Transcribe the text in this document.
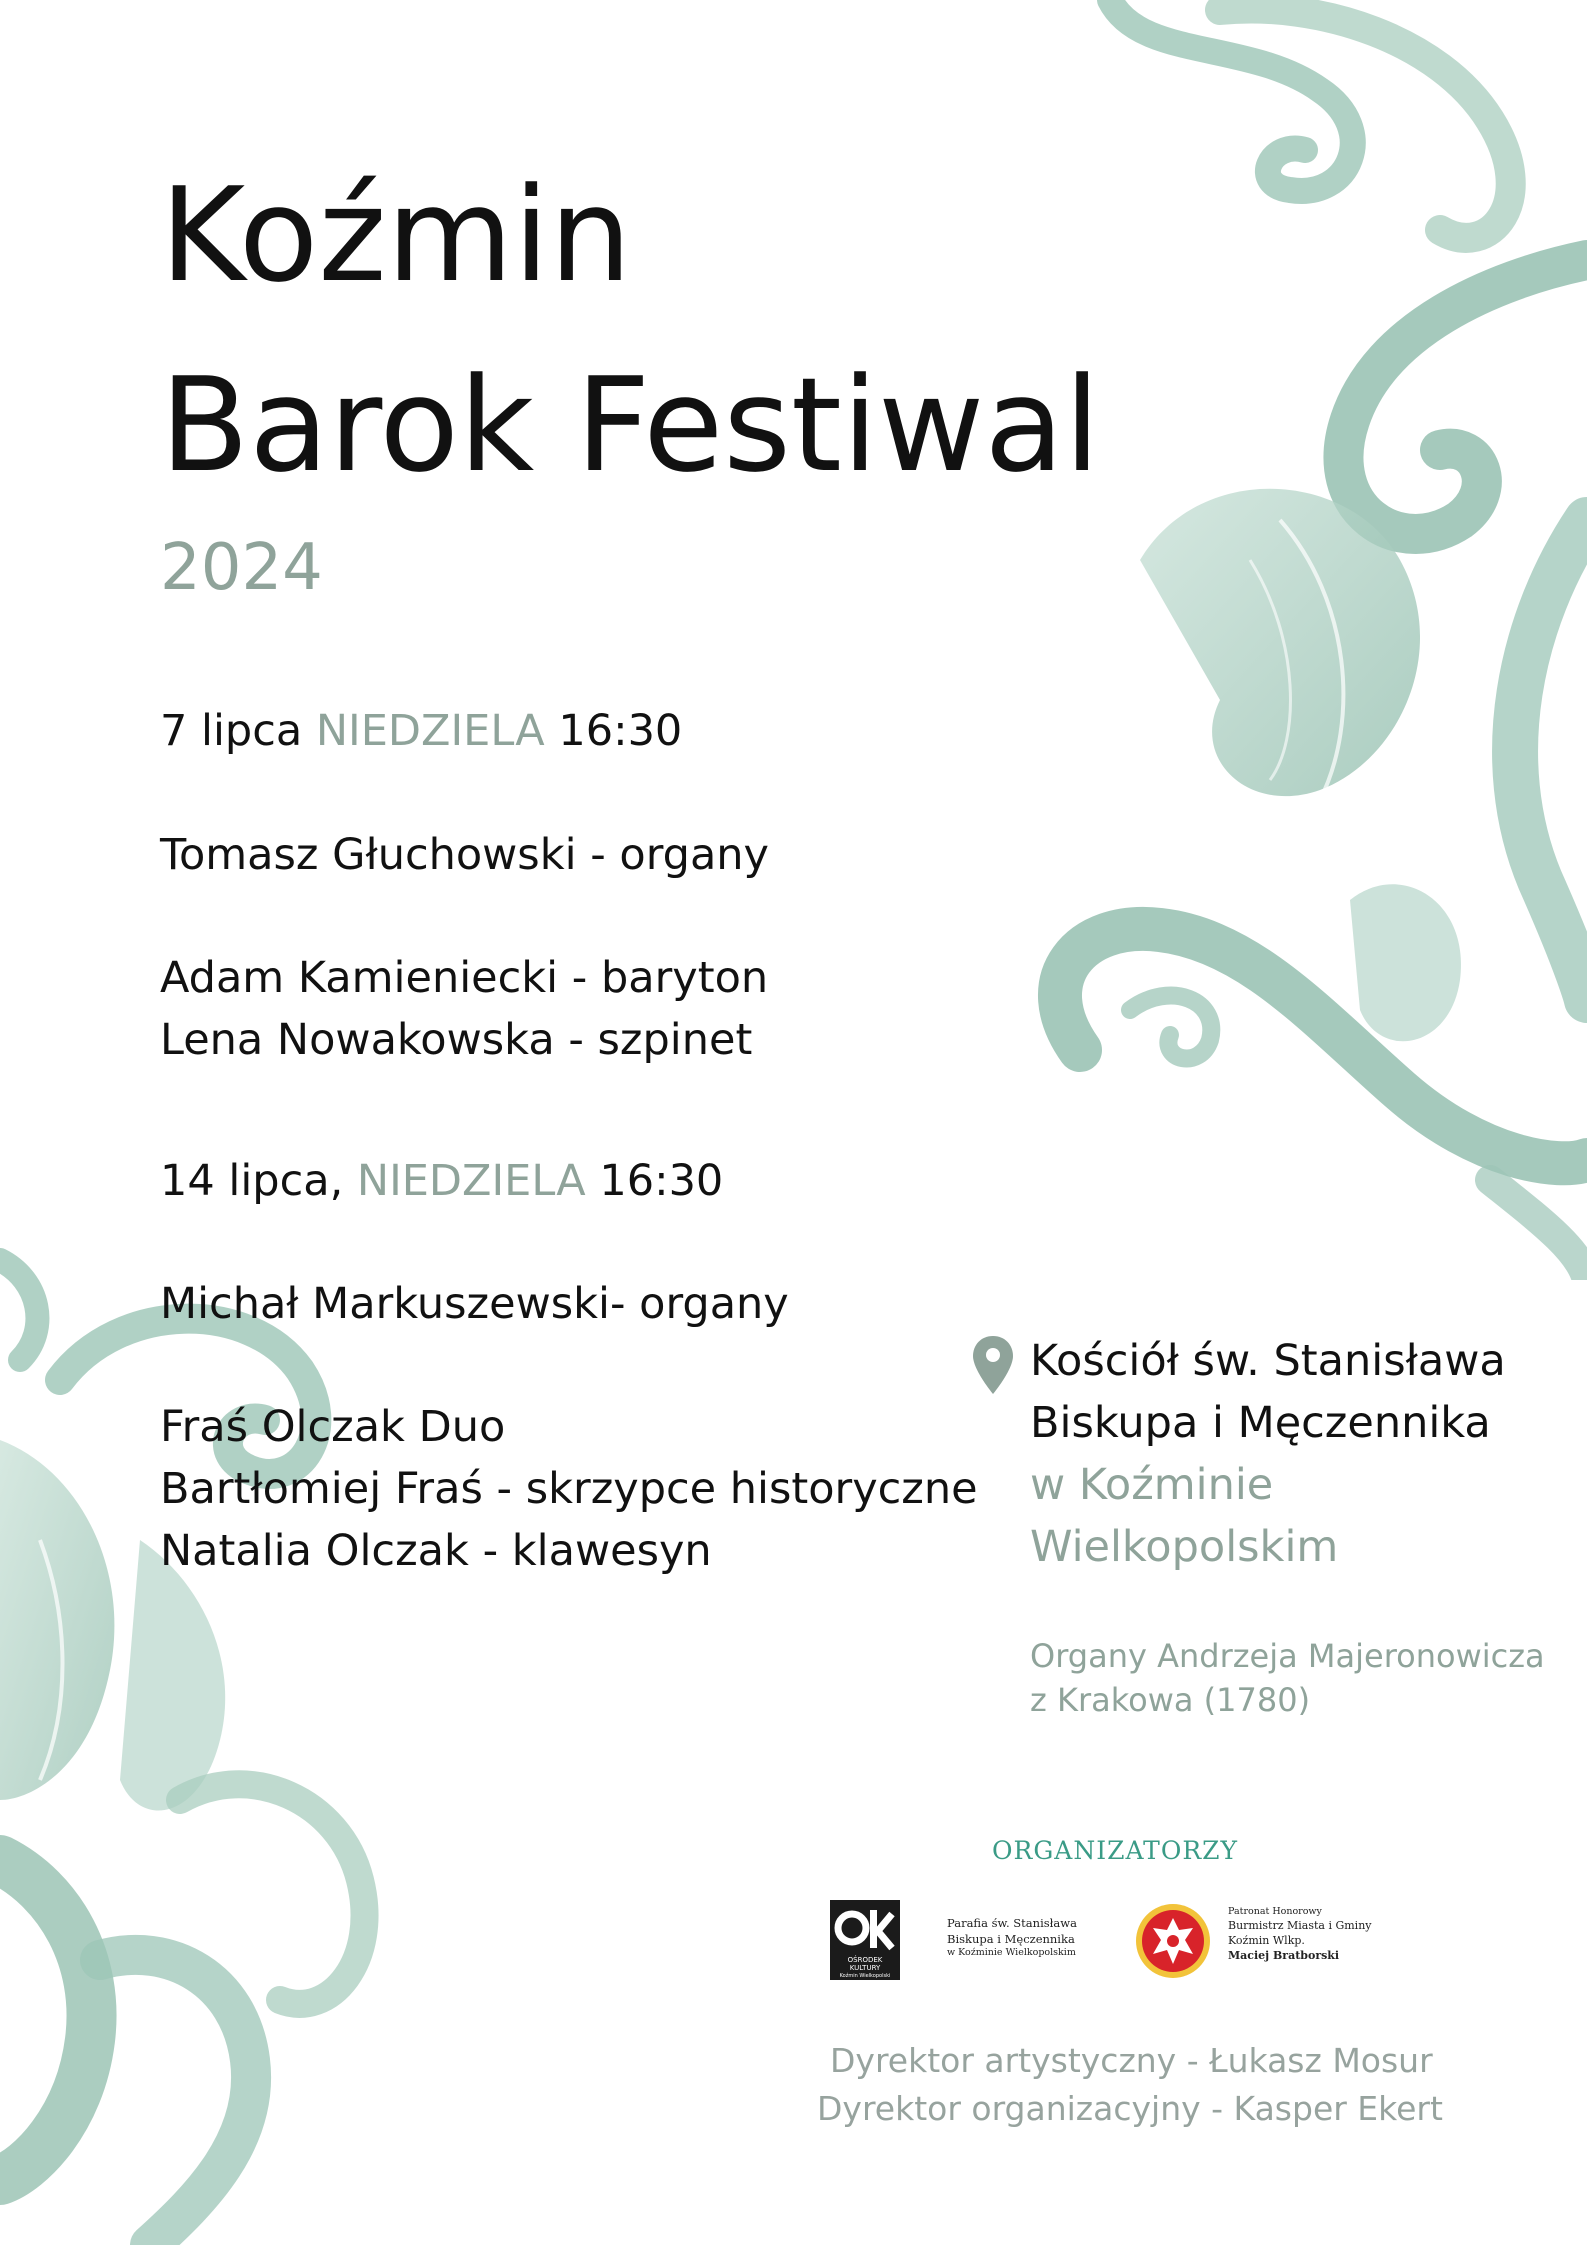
Koźmin
Barok Festiwal
2024
7 lipca NIEDZIELA 16:30
Tomasz Głuchowski - organy
Adam Kamieniecki - baryton
Lena Nowakowska - szpinet
14 lipca, NIEDZIELA 16:30
Michał Markuszewski- organy
Fraś Olczak Duo
Bartłomiej Fraś - skrzypce historyczne
Natalia Olczak - klawesyn
Kościół św. Stanisława
Biskupa i Męczennika
w Koźminie
Wielkopolskim
Organy Andrzeja Majeronowicza
z Krakowa (1780)
ORGANIZATORZY
OŚRODEK
KULTURY
Koźmin Wielkopolski
Parafia św. Stanisława
Biskupa i Męczennika
w Koźminie Wielkopolskim
Patronat Honorowy
Burmistrz Miasta i Gminy
Koźmin Wlkp.
Maciej Bratborski
Dyrektor artystyczny - Łukasz Mosur
Dyrektor organizacyjny - Kasper Ekert
